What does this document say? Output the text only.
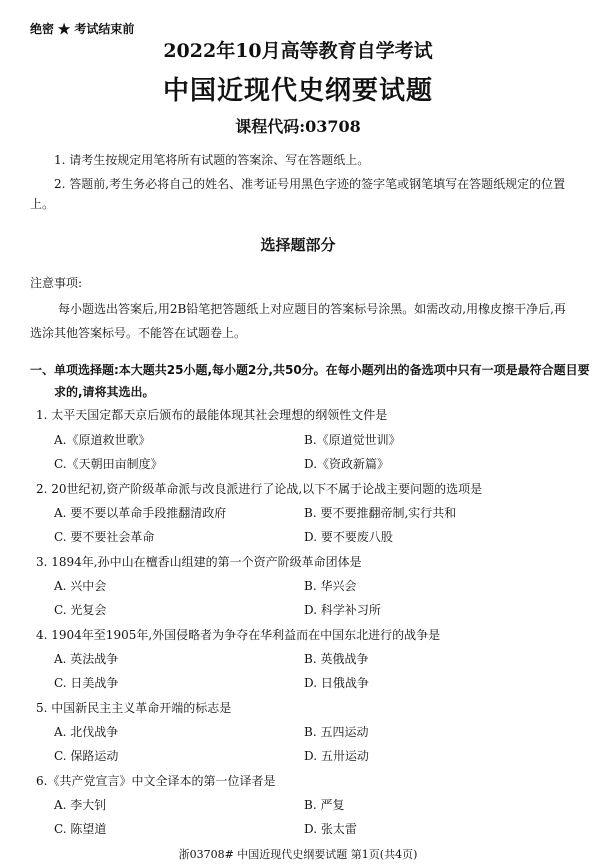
绝密 ★ 考试结束前
2022年10月高等教育自学考试
中国近现代史纲要试题
课程代码:03708
1. 请考生按规定用笔将所有试题的答案涂、写在答题纸上。
2. 答题前,考生务必将自己的姓名、准考证号用黑色字迹的签字笔或钢笔填写在答题纸规定的位置上。
选择题部分
注意事项:
每小题选出答案后,用2B铅笔把答题纸上对应题目的答案标号涂黑。如需改动,用橡皮擦干净后,再选涂其他答案标号。不能答在试题卷上。
一、单项选择题:本大题共25小题,每小题2分,共50分。在每小题列出的备选项中只有一项是最符合题目要求的,请将其选出。
1. 太平天国定都天京后颁布的最能体现其社会理想的纲领性文件是
A.《原道救世歌》	B.《原道觉世训》
C.《天朝田亩制度》	D.《资政新篇》
2. 20世纪初,资产阶级革命派与改良派进行了论战,以下不属于论战主要问题的选项是
A. 要不要以革命手段推翻清政府	B. 要不要推翻帝制,实行共和
C. 要不要社会革命	D. 要不要废八股
3. 1894年,孙中山在檀香山组建的第一个资产阶级革命团体是
A. 兴中会	B. 华兴会
C. 光复会	D. 科学补习所
4. 1904年至1905年,外国侵略者为争夺在华利益而在中国东北进行的战争是
A. 英法战争	B. 英俄战争
C. 日美战争	D. 日俄战争
5. 中国新民主主义革命开端的标志是
A. 北伐战争	B. 五四运动
C. 保路运动	D. 五卅运动
6.《共产党宣言》中文全译本的第一位译者是
A. 李大钊	B. 严复
C. 陈望道	D. 张太雷
浙03708# 中国近现代史纲要试题 第1页(共4页)
